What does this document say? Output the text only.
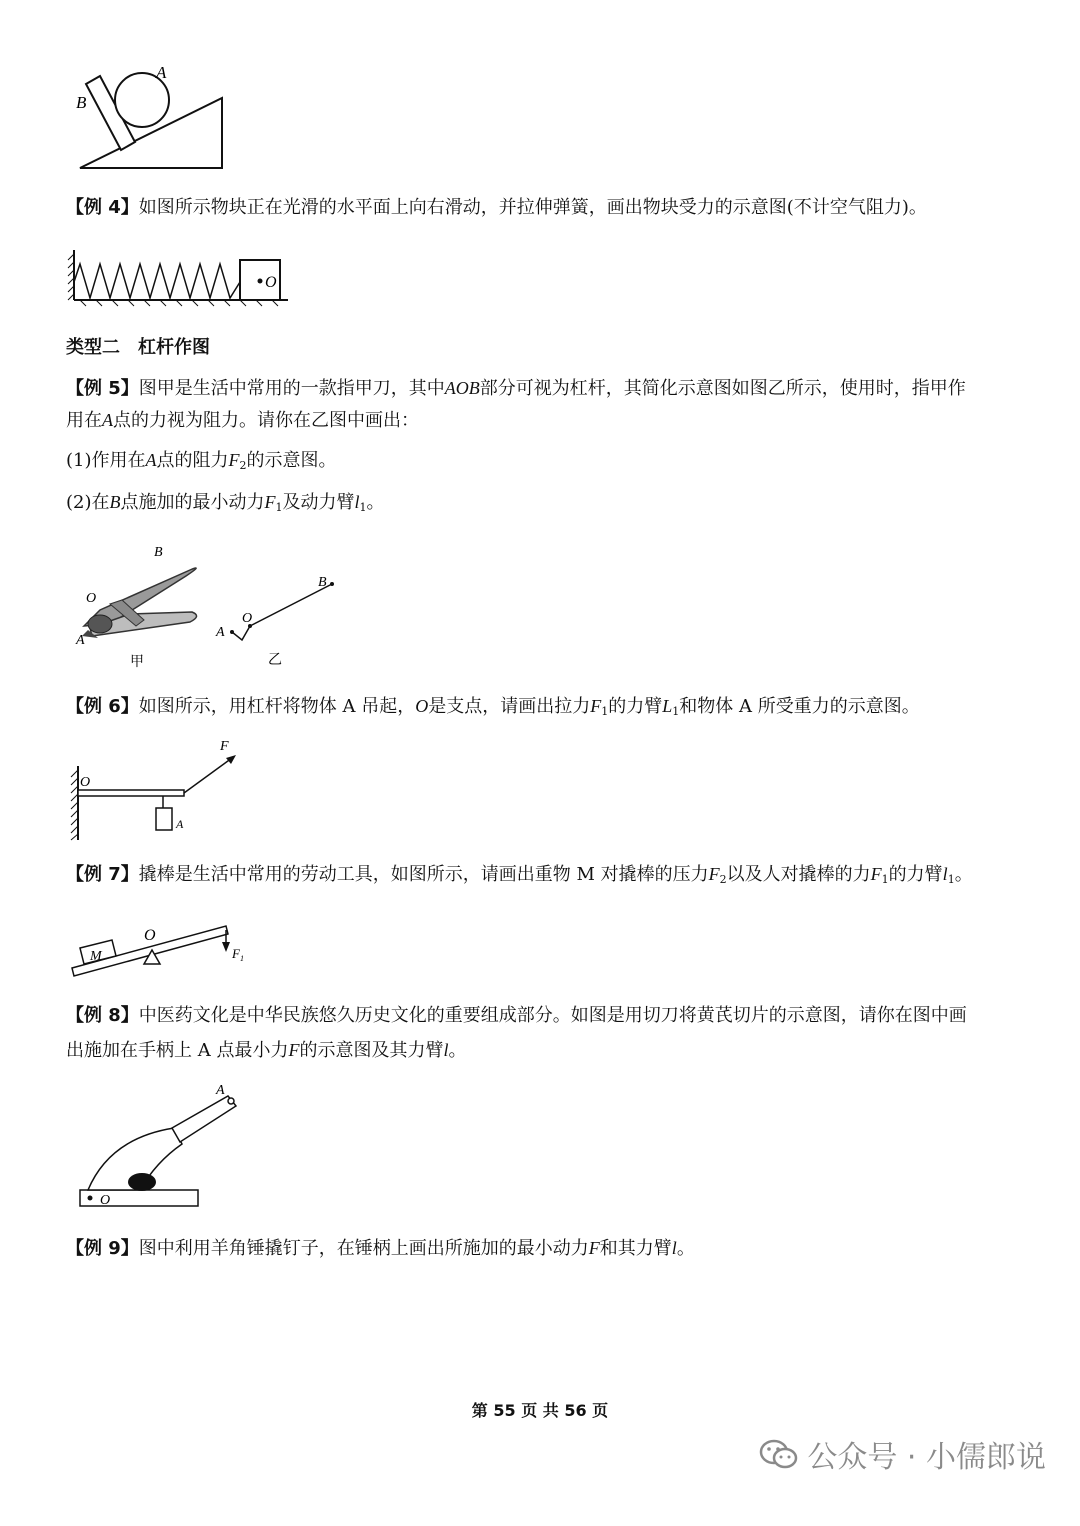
A
B
【例 4】如图所示物块正在光滑的水平面上向右滑动，并拉伸弹簧，画出物块受力的示意图(不计空气阻力)。
O
类型二　杠杆作图
【例 5】图甲是生活中常用的一款指甲刀，其中AOB部分可视为杠杆，其简化示意图如图乙所示，使用时，指甲作
用在A点的力视为阻力。请你在乙图中画出：
(1)作用在A点的阻力$F_2$的示意图。
(2)在B点施加的最小动力$F_1$及动力臂$l_1$。
B
O
A
甲
A
O
B
乙
【例 6】如图所示，用杠杆将物体 A 吊起，O是支点，请画出拉力$F_1$的力臂$L_1$和物体 A 所受重力的示意图。
F
O
A
【例 7】撬棒是生活中常用的劳动工具，如图所示，请画出重物 M 对撬棒的压力$F_2$以及人对撬棒的力$F_1$的力臂$l_1$。
M
O
$F_1$
【例 8】中医药文化是中华民族悠久历史文化的重要组成部分。如图是用切刀将黄芪切片的示意图，请你在图中画
出施加在手柄上 A 点最小力F的示意图及其力臂l。
A
O
【例 9】图中利用羊角锤撬钉子，在锤柄上画出所施加的最小动力F和其力臂l。
第 55 页 共 56 页
公众号 · 小儒郎说
